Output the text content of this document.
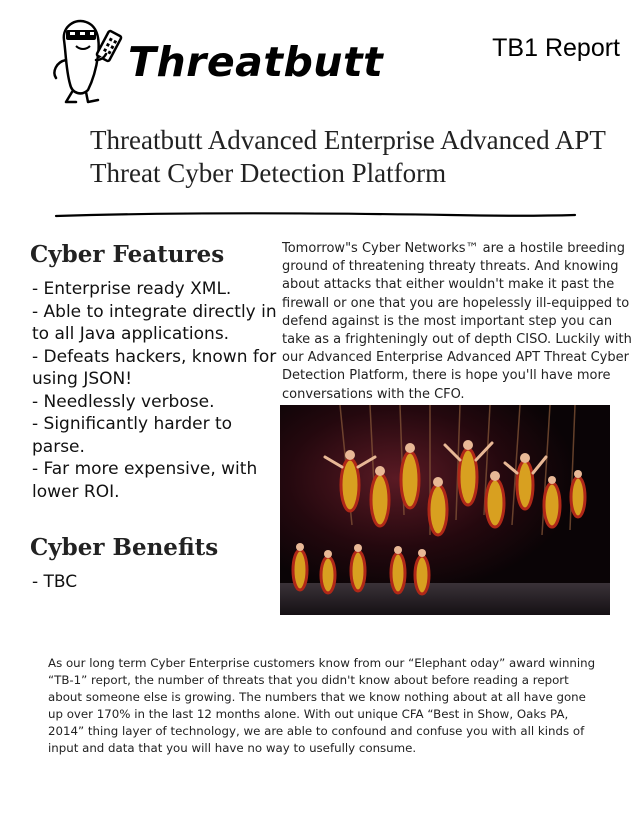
Threatbutt	TB1 Report
Threatbutt Advanced Enterprise Advanced APT Threat Cyber Detection Platform
Cyber Features
- Enterprise ready XML.
- Able to integrate directly in to all Java applications.
- Defeats hackers, known for using JSON!
- Needlessly verbose.
- Significantly harder to parse.
- Far more expensive, with lower ROI.
Cyber Benefits
- TBC

Tomorrow"s Cyber Networks™ are a hostile breeding ground of threatening threaty threats. And knowing about attacks that either wouldn't make it past the firewall or one that you are hopelessly ill-equipped to defend against is the most important step you can take as a frighteningly out of depth CISO. Luckily with our Advanced Enterprise Advanced APT Threat Cyber Detection Platform, there is hope you'll have more conversations with the CFO.

As our long term Cyber Enterprise customers know from our “Elephant oday” award winning “TB-1” report, the number of threats that you didn't know about before reading a report about someone else is growing. The numbers that we know nothing about at all have gone up over 170% in the last 12 months alone. With out unique CFA “Best in Show, Oaks PA, 2014” thing layer of technology, we are able to confound and confuse you with all kinds of input and data that you will have no way to usefully consume.
